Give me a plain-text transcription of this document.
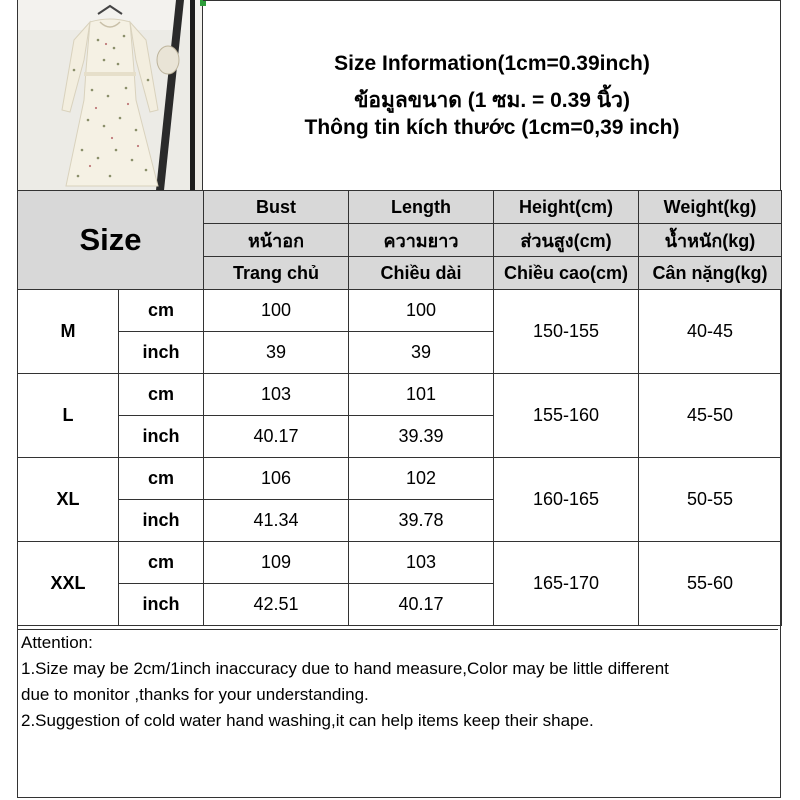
Size Information(1cm=0.39inch)
ข้อมูลขนาด (1 ซม. = 0.39 นิ้ว)
Thông tin kích thước (1cm=0,39 inch)
Size		Bust	Length	Height(cm)	Weight(kg)
		หน้าอก	ความยาว	ส่วนสูง(cm)	น้ำหนัก(kg)
		Trang chủ	Chiều dài	Chiều cao(cm)	Cân nặng(kg)
M	cm	100	100	150-155	40-45
	inch	39	39		
L	cm	103	101	155-160	45-50
	inch	40.17	39.39		
XL	cm	106	102	160-165	50-55
	inch	41.34	39.78		
XXL	cm	109	103	165-170	55-60
	inch	42.51	40.17		
Attention:
1.Size may be 2cm/1inch inaccuracy due to hand measure,Color may be little different
due to monitor ,thanks for your understanding.
2.Suggestion of cold water hand washing,it can help items keep their shape.
